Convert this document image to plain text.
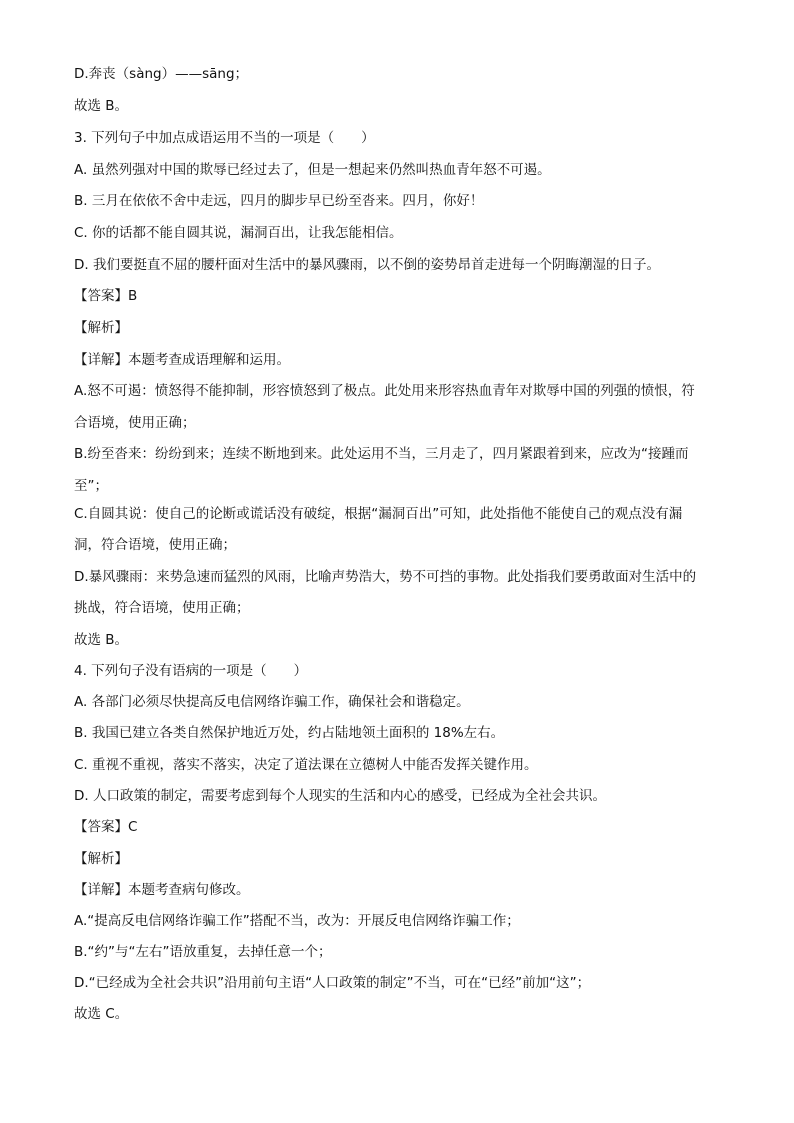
D.奔丧（sàng）——sāng；
故选 B。
3. 下列句子中加点成语运用不当的一项是（　　）
A. 虽然列强对中国的欺辱已经过去了，但是一想起来仍然叫热血青年怒不可遏。
B. 三月在依依不舍中走远，四月的脚步早已纷至沓来。四月，你好！
C. 你的话都不能自圆其说，漏洞百出，让我怎能相信。
D. 我们要挺直不屈的腰杆面对生活中的暴风骤雨，以不倒的姿势昂首走进每一个阴晦潮湿的日子。
【答案】B
【解析】
【详解】本题考查成语理解和运用。
A.怒不可遏：愤怒得不能抑制，形容愤怒到了极点。此处用来形容热血青年对欺辱中国的列强的愤恨，符
合语境，使用正确；
B.纷至沓来：纷纷到来；连续不断地到来。此处运用不当，三月走了，四月紧跟着到来，应改为“接踵而
至”；
C.自圆其说：使自己的论断或谎话没有破绽，根据“漏洞百出”可知，此处指他不能使自己的观点没有漏
洞，符合语境，使用正确；
D.暴风骤雨：来势急速而猛烈的风雨，比喻声势浩大，势不可挡的事物。此处指我们要勇敢面对生活中的
挑战，符合语境，使用正确；
故选 B。
4. 下列句子没有语病的一项是（　　）
A. 各部门必须尽快提高反电信网络诈骗工作，确保社会和谐稳定。
B. 我国已建立各类自然保护地近万处，约占陆地领土面积的 18%左右。
C. 重视不重视，落实不落实，决定了道法课在立德树人中能否发挥关键作用。
D. 人口政策的制定，需要考虑到每个人现实的生活和内心的感受，已经成为全社会共识。
【答案】C
【解析】
【详解】本题考查病句修改。
A.“提高反电信网络诈骗工作”搭配不当，改为：开展反电信网络诈骗工作；
B.“约”与“左右”语放重复，去掉任意一个；
D.“已经成为全社会共识”沿用前句主语“人口政策的制定”不当，可在“已经”前加“这”；
故选 C。
